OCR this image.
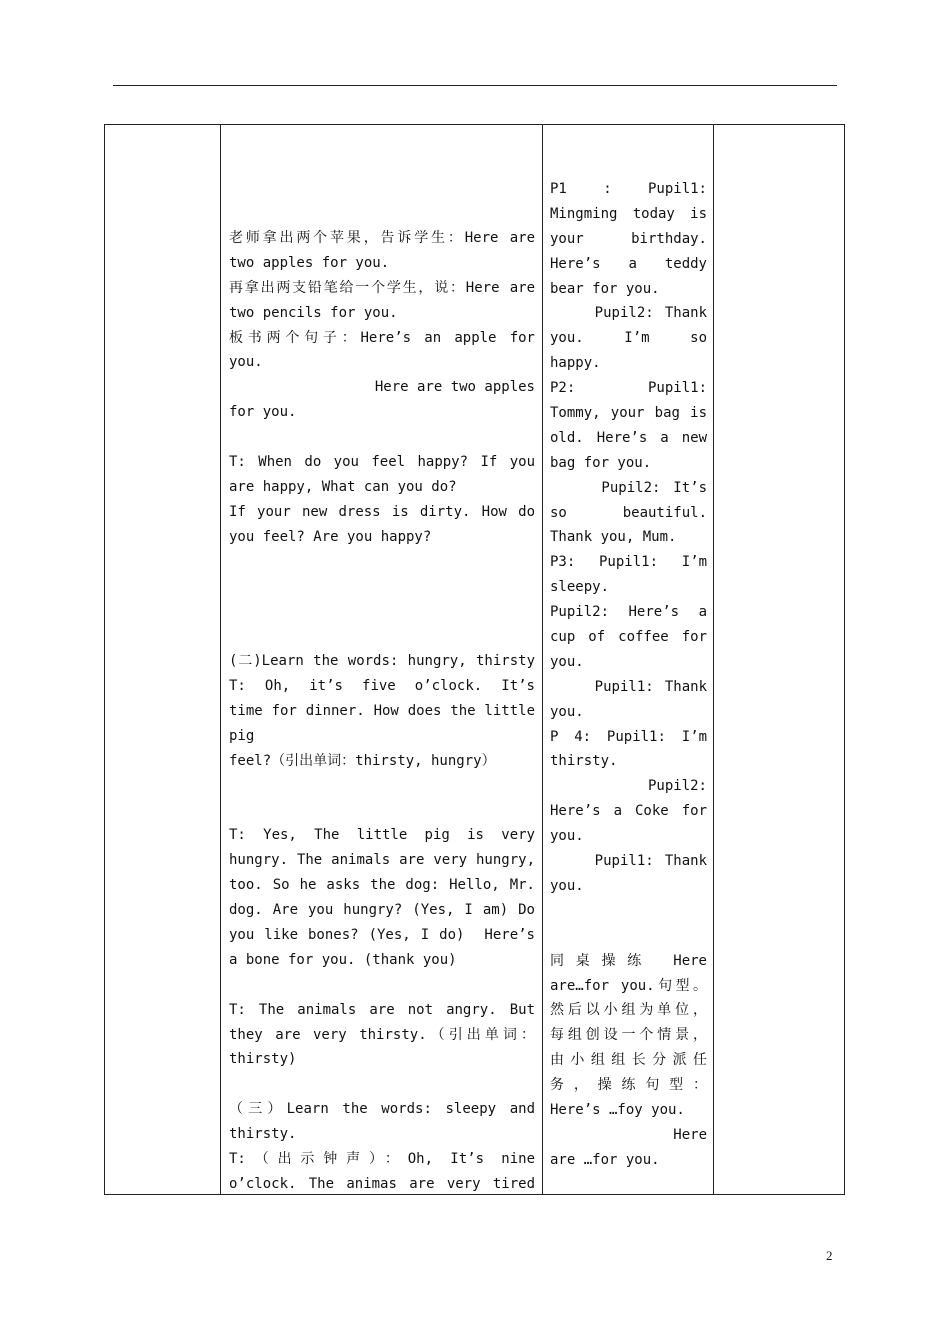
老师拿出两个苹果，告诉学生：Here are
two apples for you.
再拿出两支铅笔给一个学生，说：Here are
two pencils for you.
板书两个句子：Here’s an apple for
you.
Here are two apples
for you.
T: When do you feel happy? If you
are happy, What can you do?
If your new dress is dirty. How do
you feel? Are you happy?
(二)Learn the words: hungry, thirsty
T: Oh, it’s five o’clock. It’s
time for dinner. How does the little
pig
feel?（引出单词：thirsty, hungry）
T: Yes, The little pig is very
hungry. The animals are very hungry,
too. So he asks the dog: Hello, Mr.
dog. Are you hungry? (Yes, I am) Do
you like bones? (Yes, I do)  Here’s
a bone for you. (thank you)
T: The animals are not angry. But
they are very thirsty.（引出单词：
thirsty)
（三）Learn the words: sleepy and
thirsty.
T:（出示钟声）：Oh, It’s nine
o’clock. The animas are very tired
P1 : Pupil1:
Mingming today is
your birthday.
Here’s a teddy
bear for you.
Pupil2: Thank
you. I’m so
happy.
P2: Pupil1:
Tommy, your bag is
old. Here’s a new
bag for you.
Pupil2: It’s
so beautiful.
Thank you, Mum.
P3: Pupil1: I’m
sleepy.
Pupil2: Here’s a
cup of coffee for
you.
Pupil1: Thank
you.
P 4: Pupil1: I’m
thirsty.
Pupil2:
Here’s a Coke for
you.
Pupil1: Thank
you.
同桌操练 Here
are…for you.句型。
然后以小组为单位，
每组创设一个情景，
由小组组长分派任
务，操练句型：
Here’s …foy you.
Here
are …for you.
2
